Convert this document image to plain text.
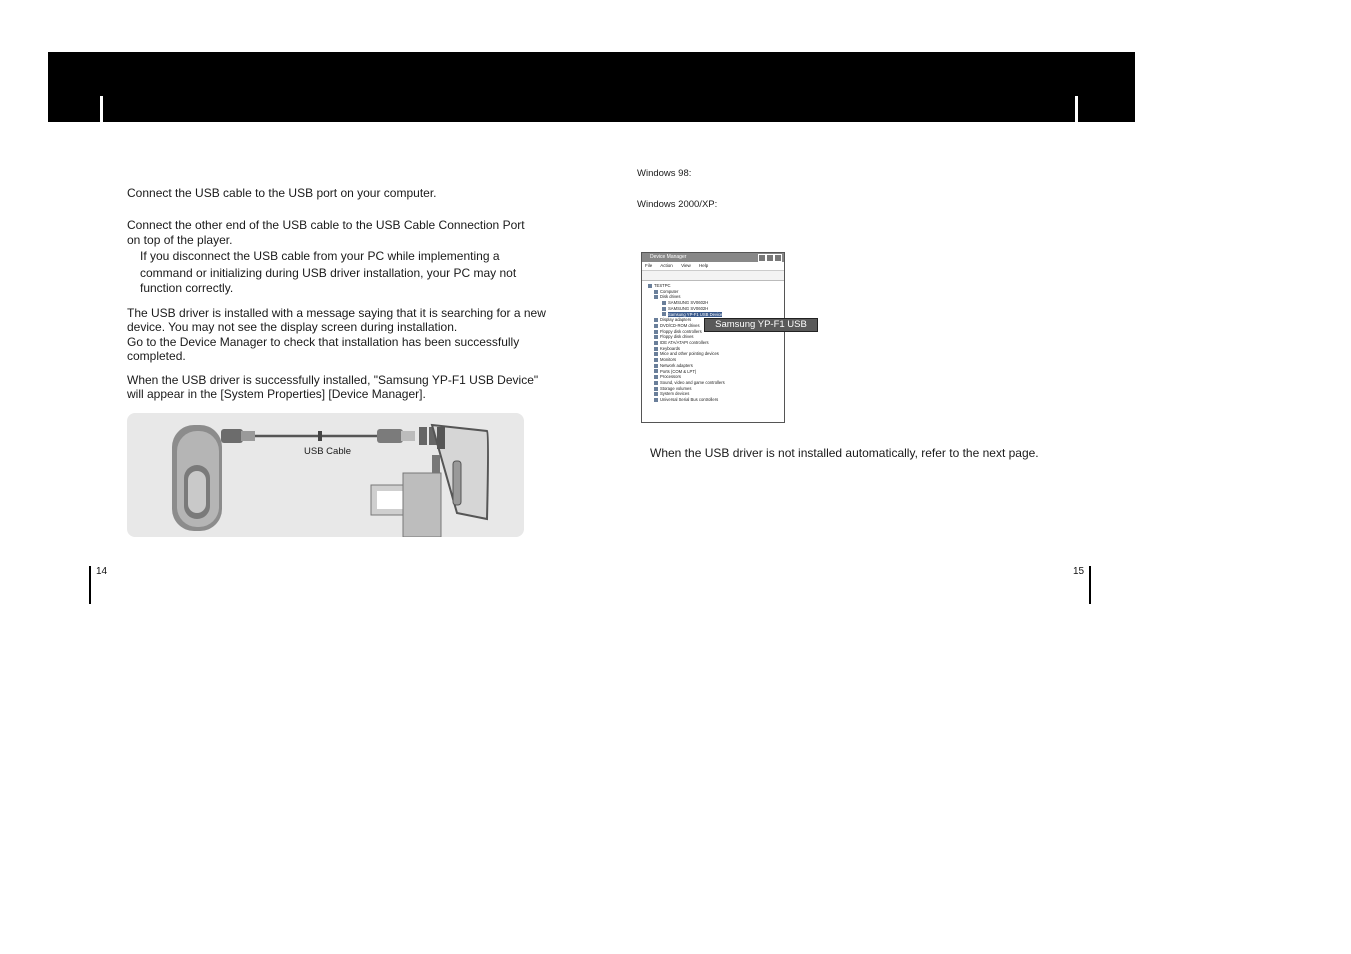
Connect the USB cable to the USB port on your computer.
Connect the other end of the USB cable to the USB Cable Connection Port on top of the player.
If you disconnect the USB cable from your PC while implementing a
command or initializing during USB driver installation, your PC may not
function correctly.
The USB driver is installed with a message saying that it is searching for a new
device. You may not see the display screen during installation.
Go to the Device Manager to check that installation has been successfully
completed.
When the USB driver is successfully installed, "Samsung YP-F1 USB Device"
will appear in the [System Properties] [Device Manager].
USB Cable
14
Windows 98:
Windows 2000/XP:
Device Manager
File Action View Help
TESTPC
Computer
Disk drives
SAMSUNG SV0602H
SAMSUNG SV0602H
Samsung YP-F1 USB Device
Display adapters
DVD/CD-ROM drives
Floppy disk controllers
Floppy disk drives
IDE ATA/ATAPI controllers
Keyboards
Mice and other pointing devices
Monitors
Network adapters
Ports (COM & LPT)
Processors
Sound, video and game controllers
Storage volumes
System devices
Universal Serial Bus controllers
Samsung YP-F1 USB Device
When the USB driver is not installed automatically, refer to the next page.
15
